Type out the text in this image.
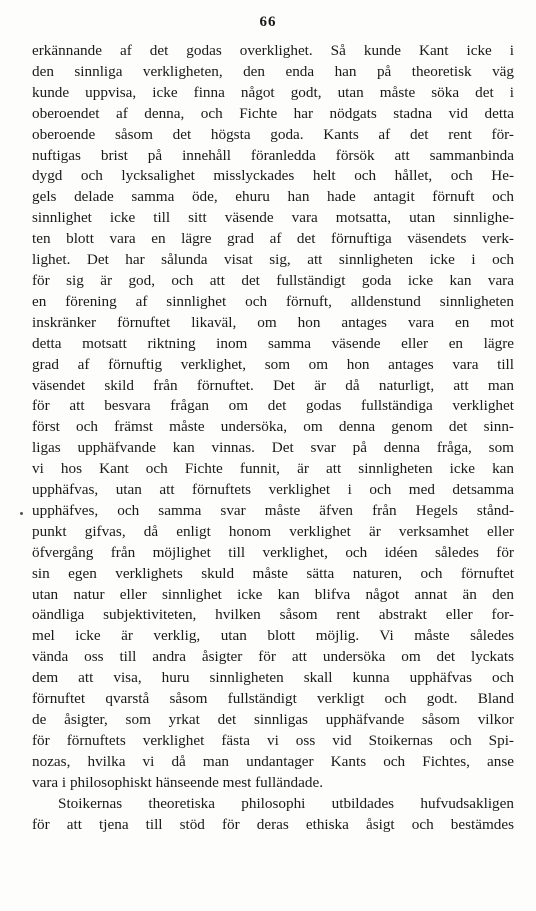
66
erkännande af det godas overklighet. Så kunde Kant icke i
den sinnliga verkligheten, den enda han på theoretisk väg
kunde uppvisa, icke finna något godt, utan måste söka det i
oberoendet af denna, och Fichte har nödgats stadna vid detta
oberoende såsom det högsta goda. Kants af det rent för-
nuftigas brist på innehåll föranledda försök att sammanbinda
dygd och lycksalighet misslyckades helt och hållet, och He-
gels delade samma öde, ehuru han hade antagit förnuft och
sinnlighet icke till sitt väsende vara motsatta, utan sinnlighe-
ten blott vara en lägre grad af det förnuftiga väsendets verk-
lighet. Det har sålunda visat sig, att sinnligheten icke i och
för sig är god, och att det fullständigt goda icke kan vara
en förening af sinnlighet och förnuft, alldenstund sinnligheten
inskränker förnuftet likaväl, om hon antages vara en mot
detta motsatt riktning inom samma väsende eller en lägre
grad af förnuftig verklighet, som om hon antages vara till
väsendet skild från förnuftet. Det är då naturligt, att man
för att besvara frågan om det godas fullständiga verklighet
först och främst måste undersöka, om denna genom det sinn-
ligas upphäfvande kan vinnas. Det svar på denna fråga, som
vi hos Kant och Fichte funnit, är att sinnligheten icke kan
upphäfvas, utan att förnuftets verklighet i och med detsamma
upphäfves, och samma svar måste äfven från Hegels stånd-
punkt gifvas, då enligt honom verklighet är verksamhet eller
öfvergång från möjlighet till verklighet, och idéen således för
sin egen verklighets skuld måste sätta naturen, och förnuftet
utan natur eller sinnlighet icke kan blifva något annat än den
oändliga subjektiviteten, hvilken såsom rent abstrakt eller for-
mel icke är verklig, utan blott möjlig. Vi måste således
vända oss till andra åsigter för att undersöka om det lyckats
dem att visa, huru sinnligheten skall kunna upphäfvas och
förnuftet qvarstå såsom fullständigt verkligt och godt. Bland
de åsigter, som yrkat det sinnligas upphäfvande såsom vilkor
för förnuftets verklighet fästa vi oss vid Stoikernas och Spi-
nozas, hvilka vi då man undantager Kants och Fichtes, anse
vara i philosophiskt hänseende mest fulländade.
Stoikernas theoretiska philosophi utbildades hufvudsakligen
för att tjena till stöd för deras ethiska åsigt och bestämdes
